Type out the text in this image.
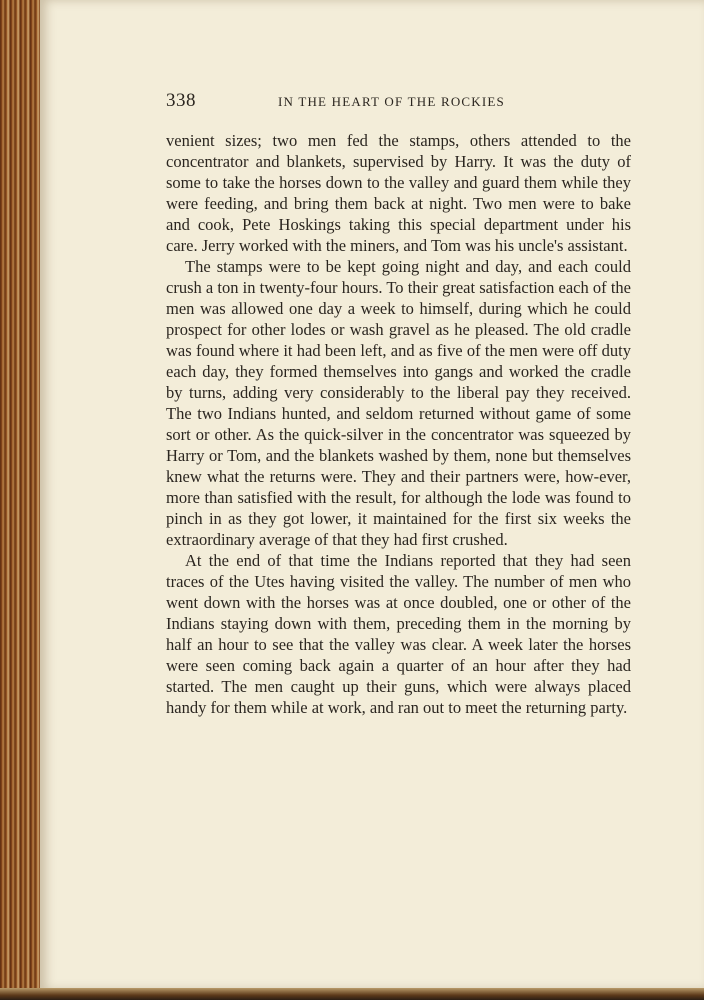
338	IN THE HEART OF THE ROCKIES

venient sizes; two men fed the stamps, others attended to the concentrator and blankets, supervised by Harry. It was the duty of some to take the horses down to the valley and guard them while they were feeding, and bring them back at night. Two men were to bake and cook, Pete Hoskings taking this special department under his care. Jerry worked with the miners, and Tom was his uncle's assistant.

The stamps were to be kept going night and day, and each could crush a ton in twenty-four hours. To their great satisfaction each of the men was allowed one day a week to himself, during which he could prospect for other lodes or wash gravel as he pleased. The old cradle was found where it had been left, and as five of the men were off duty each day, they formed themselves into gangs and worked the cradle by turns, adding very considerably to the liberal pay they received. The two Indians hunted, and seldom returned without game of some sort or other. As the quick-silver in the concentrator was squeezed by Harry or Tom, and the blankets washed by them, none but themselves knew what the returns were. They and their partners were, how-ever, more than satisfied with the result, for although the lode was found to pinch in as they got lower, it maintained for the first six weeks the extraordinary average of that they had first crushed.

At the end of that time the Indians reported that they had seen traces of the Utes having visited the valley. The number of men who went down with the horses was at once doubled, one or other of the Indians staying down with them, preceding them in the morning by half an hour to see that the valley was clear. A week later the horses were seen coming back again a quarter of an hour after they had started. The men caught up their guns, which were always placed handy for them while at work, and ran out to meet the returning party.
